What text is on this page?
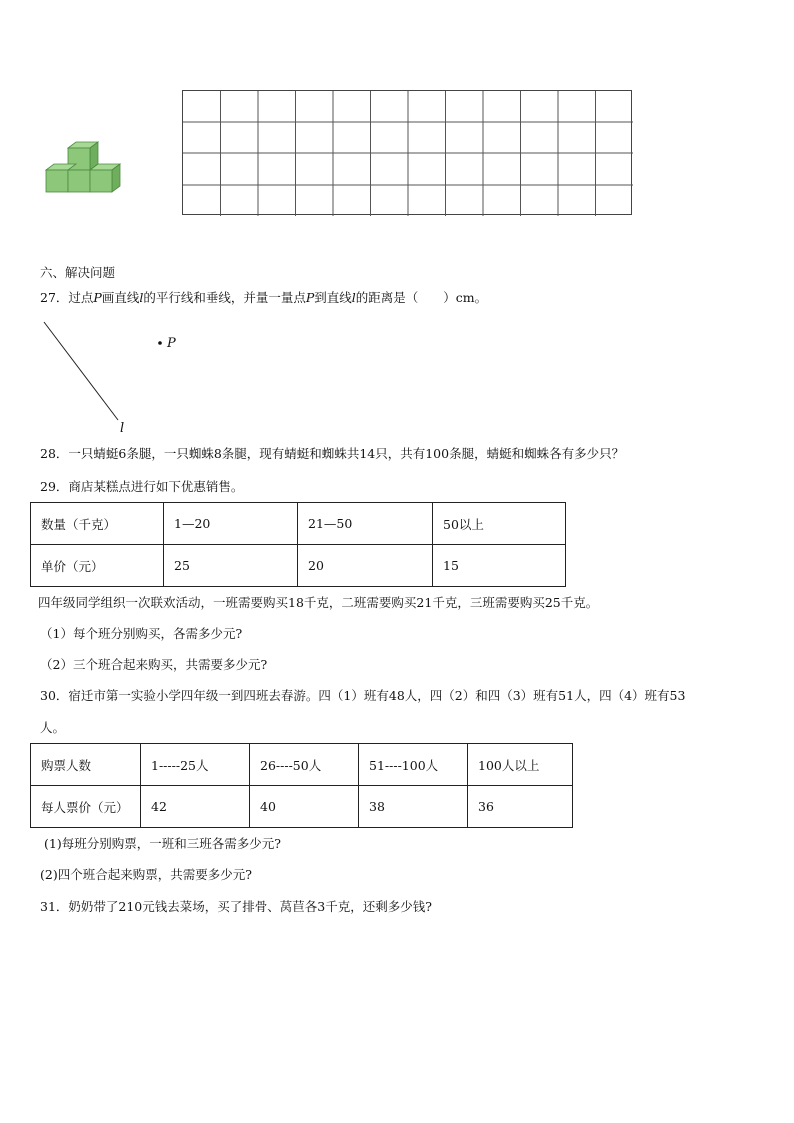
六、解决问题
27．过点P画直线l的平行线和垂线，并量一量点P到直线l的距离是（　　）cm。
P
l
28．一只蜻蜓6条腿，一只蜘蛛8条腿，现有蜻蜓和蜘蛛共14只，共有100条腿，蜻蜓和蜘蛛各有多少只？
29．商店某糕点进行如下优惠销售。
数量（千克）	1—20	21—50	50以上
单价（元）	25	20	15
四年级同学组织一次联欢活动，一班需要购买18千克，二班需要购买21千克，三班需要购买25千克。
（1）每个班分别购买，各需多少元?
（2）三个班合起来购买，共需要多少元?
30．宿迁市第一实验小学四年级一到四班去春游。四（1）班有48人，四（2）和四（3）班有51人，四（4）班有53
人。
购票人数	1-----25人	26----50人	51----100人	100人以上
每人票价（元）	42	40	38	36
(1)每班分别购票，一班和三班各需多少元?
(2)四个班合起来购票，共需要多少元?
31．奶奶带了210元钱去菜场，买了排骨、莴苣各3千克，还剩多少钱?
